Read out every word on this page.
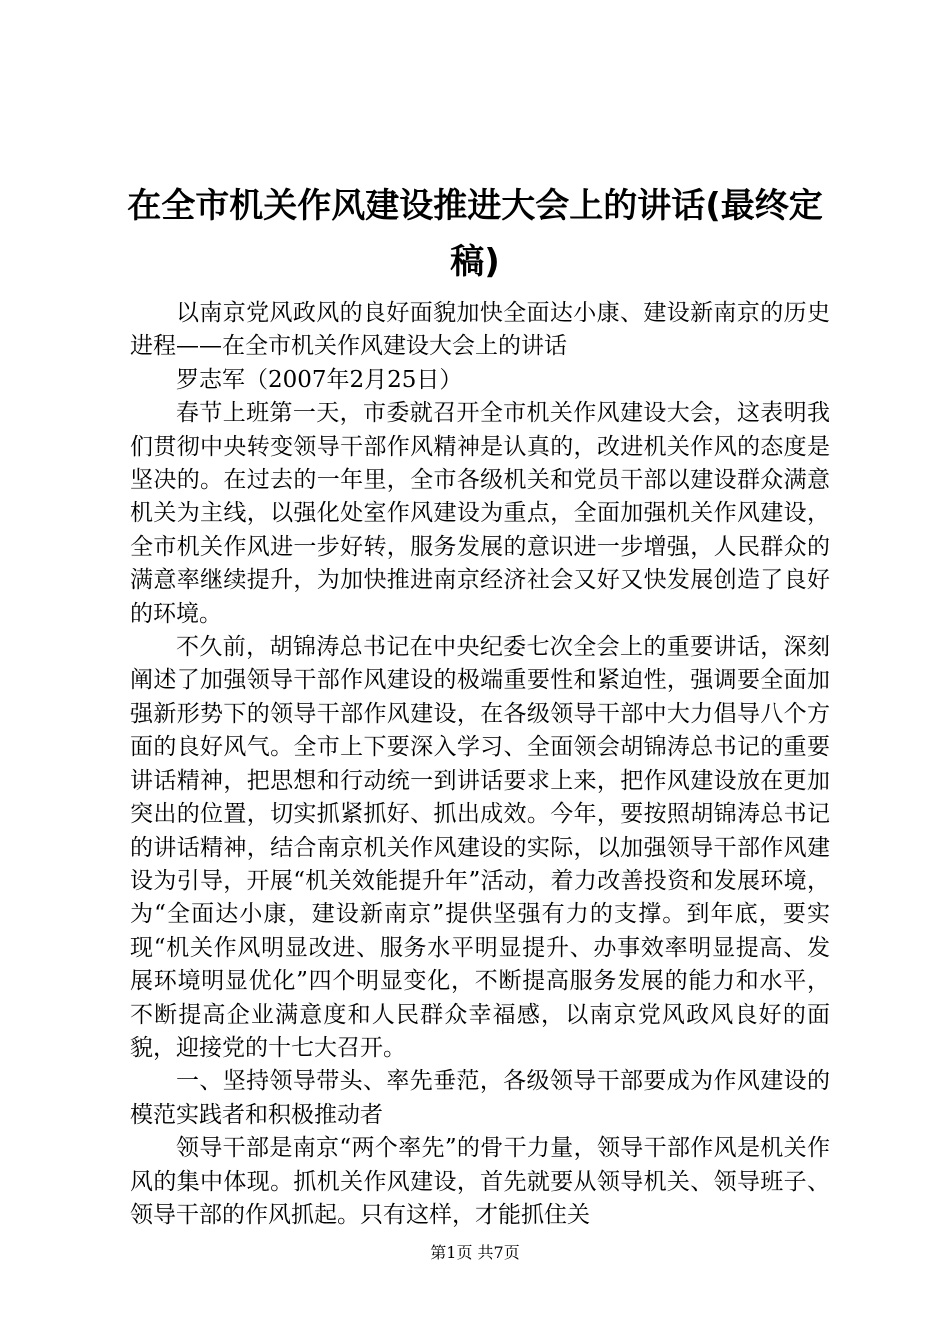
在全市机关作风建设推进大会上的讲话(最终定稿)

以南京党风政风的良好面貌加快全面达小康、建设新南京的历史进程——在全市机关作风建设大会上的讲话

罗志军（2007年2月25日）

春节上班第一天，市委就召开全市机关作风建设大会，这表明我们贯彻中央转变领导干部作风精神是认真的，改进机关作风的态度是坚决的。在过去的一年里，全市各级机关和党员干部以建设群众满意机关为主线，以强化处室作风建设为重点，全面加强机关作风建设，全市机关作风进一步好转，服务发展的意识进一步增强，人民群众的满意率继续提升，为加快推进南京经济社会又好又快发展创造了良好的环境。

不久前，胡锦涛总书记在中央纪委七次全会上的重要讲话，深刻阐述了加强领导干部作风建设的极端重要性和紧迫性，强调要全面加强新形势下的领导干部作风建设，在各级领导干部中大力倡导八个方面的良好风气。全市上下要深入学习、全面领会胡锦涛总书记的重要讲话精神，把思想和行动统一到讲话要求上来，把作风建设放在更加突出的位置，切实抓紧抓好、抓出成效。今年，要按照胡锦涛总书记的讲话精神，结合南京机关作风建设的实际，以加强领导干部作风建设为引导，开展“机关效能提升年”活动，着力改善投资和发展环境，为“全面达小康，建设新南京”提供坚强有力的支撑。到年底，要实现“机关作风明显改进、服务水平明显提升、办事效率明显提高、发展环境明显优化”四个明显变化，不断提高服务发展的能力和水平，不断提高企业满意度和人民群众幸福感，以南京党风政风良好的面貌，迎接党的十七大召开。

一、坚持领导带头、率先垂范，各级领导干部要成为作风建设的模范实践者和积极推动者

领导干部是南京“两个率先”的骨干力量，领导干部作风是机关作风的集中体现。抓机关作风建设，首先就要从领导机关、领导班子、领导干部的作风抓起。只有这样，才能抓住关

第1页 共7页
